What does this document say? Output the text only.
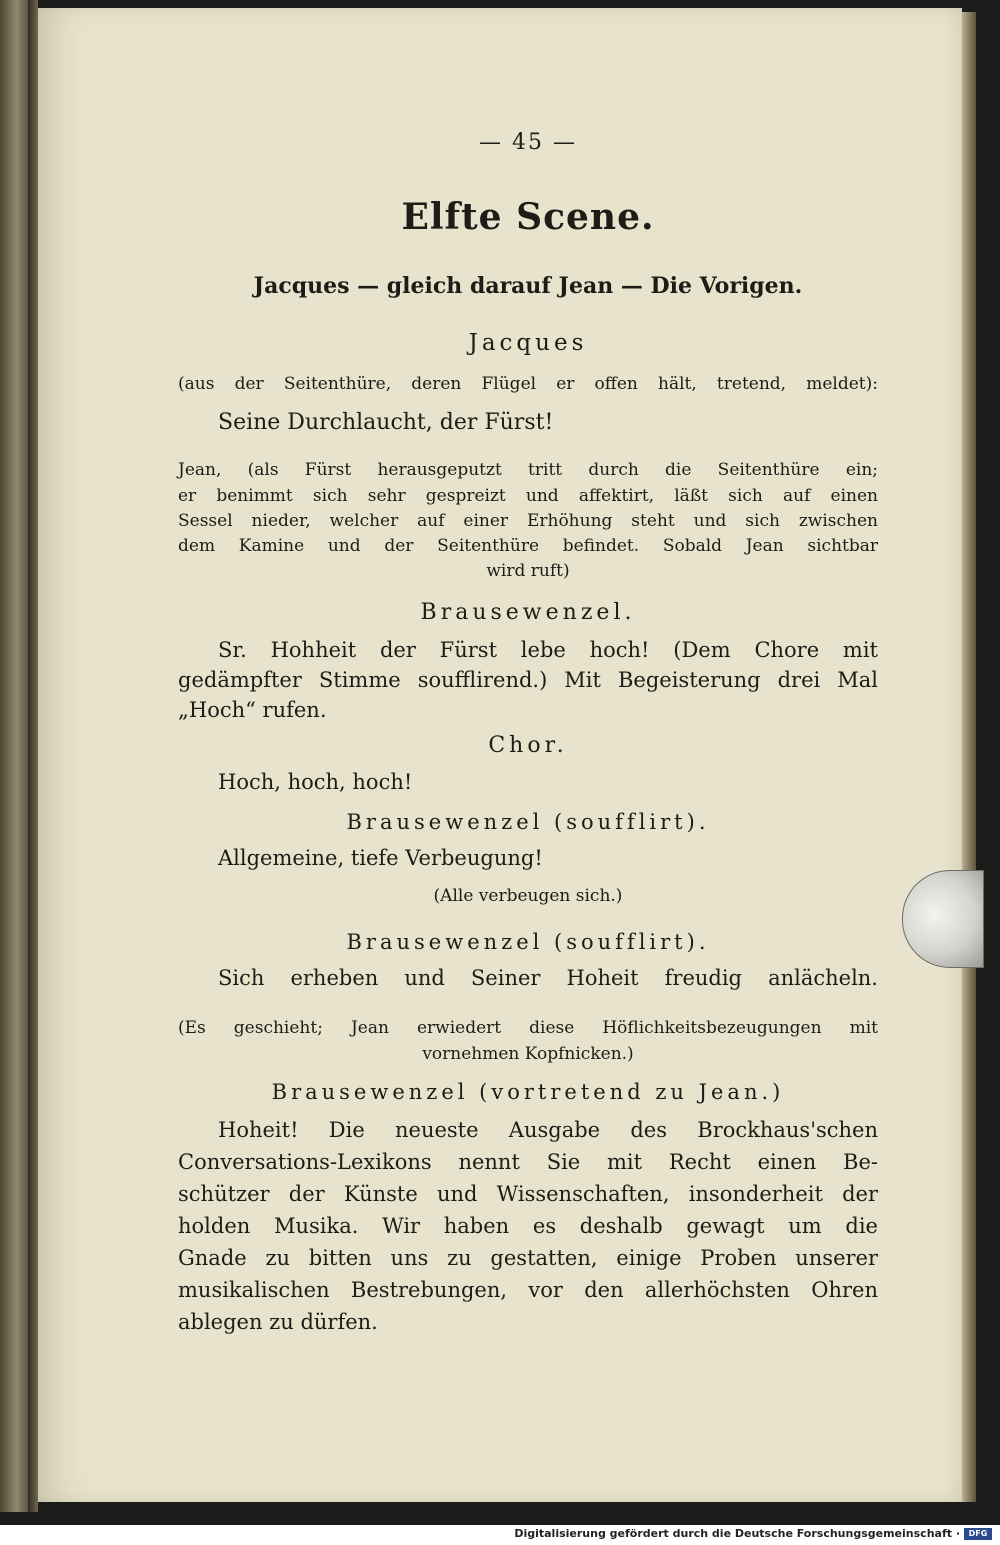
— 45 —
Elfte Scene.
Jacques — gleich darauf Jean — Die Vorigen.
Jacques
(aus der Seitenthüre, deren Flügel er offen hält, tretend, meldet):
Seine Durchlaucht, der Fürst!
Jean, (als Fürst herausgeputzt tritt durch die Seitenthüre ein;
er benimmt sich sehr gespreizt und affektirt, läßt sich auf einen
Sessel nieder, welcher auf einer Erhöhung steht und sich zwischen
dem Kamine und der Seitenthüre befindet. Sobald Jean sichtbar
wird ruft)
Brausewenzel.
Sr. Hohheit der Fürst lebe hoch! (Dem Chore mit
gedämpfter Stimme soufflirend.) Mit Begeisterung drei Mal
„Hoch“ rufen.
Chor.
Hoch, hoch, hoch!
Brausewenzel (soufflirt).
Allgemeine, tiefe Verbeugung!
(Alle verbeugen sich.)
Brausewenzel (soufflirt).
Sich erheben und Seiner Hoheit freudig anlächeln.
(Es geschieht; Jean erwiedert diese Höflichkeitsbezeugungen mit
vornehmen Kopfnicken.)
Brausewenzel (vortretend zu Jean.)
Hoheit! Die neueste Ausgabe des Brockhaus'schen
Conversations-Lexikons nennt Sie mit Recht einen Be-
schützer der Künste und Wissenschaften, insonderheit der
holden Musika. Wir haben es deshalb gewagt um die
Gnade zu bitten uns zu gestatten, einige Proben unserer
musikalischen Bestrebungen, vor den allerhöchsten Ohren
ablegen zu dürfen.
Digitalisierung gefördert durch die Deutsche Forschungsgemeinschaft ·	DFG
